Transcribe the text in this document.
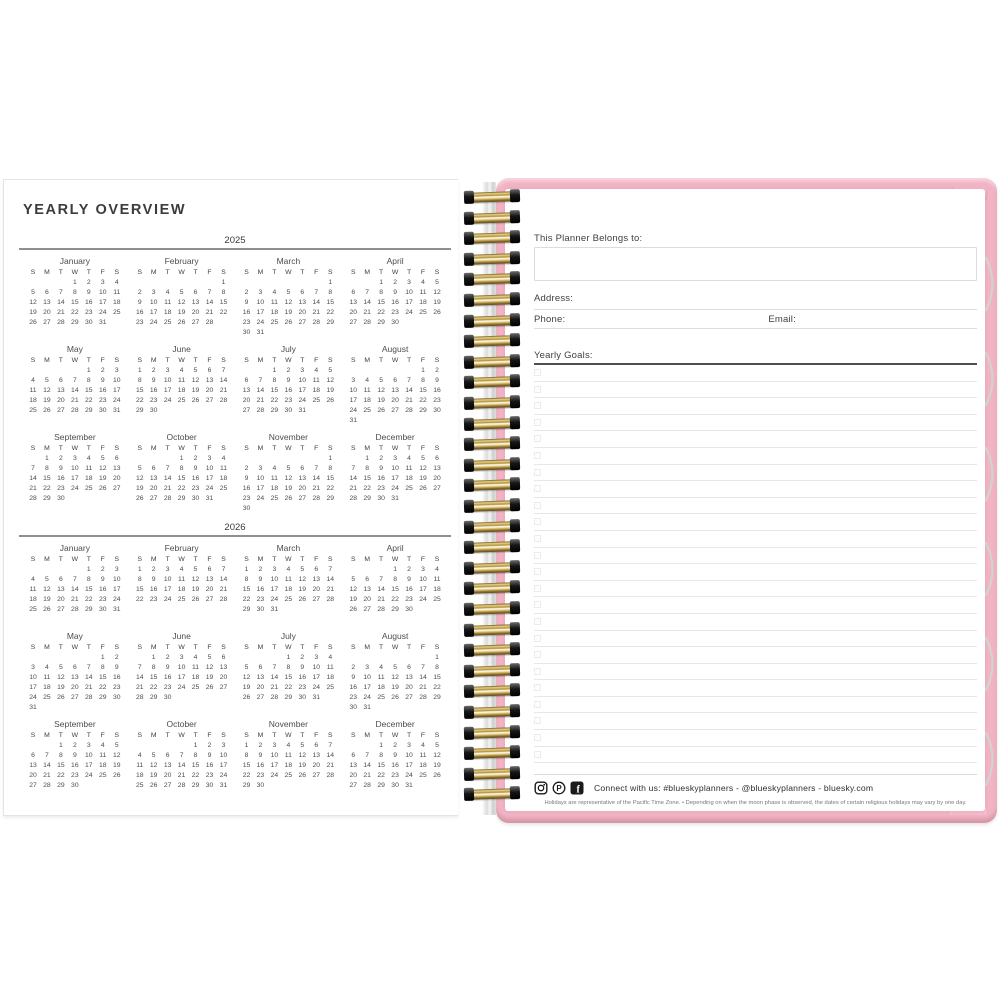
YEARLY OVERVIEW
2025
January
S	M	T	W	T	F	S
			1	2	3	4
5	6	7	8	9	10	11
12	13	14	15	16	17	18
19	20	21	22	23	24	25
26	27	28	29	30	31	
February
S	M	T	W	T	F	S
						1
2	3	4	5	6	7	8
9	10	11	12	13	14	15
16	17	18	19	20	21	22
23	24	25	26	27	28	
March
S	M	T	W	T	F	S
						1
2	3	4	5	6	7	8
9	10	11	12	13	14	15
16	17	18	19	20	21	22
23	24	25	26	27	28	29
30	31					
April
S	M	T	W	T	F	S
		1	2	3	4	5
6	7	8	9	10	11	12
13	14	15	16	17	18	19
20	21	22	23	24	25	26
27	28	29	30			
May
S	M	T	W	T	F	S
				1	2	3
4	5	6	7	8	9	10
11	12	13	14	15	16	17
18	19	20	21	22	23	24
25	26	27	28	29	30	31
June
S	M	T	W	T	F	S
1	2	3	4	5	6	7
8	9	10	11	12	13	14
15	16	17	18	19	20	21
22	23	24	25	26	27	28
29	30					
July
S	M	T	W	T	F	S
		1	2	3	4	5
6	7	8	9	10	11	12
13	14	15	16	17	18	19
20	21	22	23	24	25	26
27	28	29	30	31		
August
S	M	T	W	T	F	S
					1	2
3	4	5	6	7	8	9
10	11	12	13	14	15	16
17	18	19	20	21	22	23
24	25	26	27	28	29	30
31						
September
S	M	T	W	T	F	S
	1	2	3	4	5	6
7	8	9	10	11	12	13
14	15	16	17	18	19	20
21	22	23	24	25	26	27
28	29	30				
October
S	M	T	W	T	F	S
			1	2	3	4
5	6	7	8	9	10	11
12	13	14	15	16	17	18
19	20	21	22	23	24	25
26	27	28	29	30	31	
November
S	M	T	W	T	F	S
						1
2	3	4	5	6	7	8
9	10	11	12	13	14	15
16	17	18	19	20	21	22
23	24	25	26	27	28	29
30						
December
S	M	T	W	T	F	S
	1	2	3	4	5	6
7	8	9	10	11	12	13
14	15	16	17	18	19	20
21	22	23	24	25	26	27
28	29	30	31			
2026
January
S	M	T	W	T	F	S
				1	2	3
4	5	6	7	8	9	10
11	12	13	14	15	16	17
18	19	20	21	22	23	24
25	26	27	28	29	30	31
February
S	M	T	W	T	F	S
1	2	3	4	5	6	7
8	9	10	11	12	13	14
15	16	17	18	19	20	21
22	23	24	25	26	27	28
March
S	M	T	W	T	F	S
1	2	3	4	5	6	7
8	9	10	11	12	13	14
15	16	17	18	19	20	21
22	23	24	25	26	27	28
29	30	31				
April
S	M	T	W	T	F	S
			1	2	3	4
5	6	7	8	9	10	11
12	13	14	15	16	17	18
19	20	21	22	23	24	25
26	27	28	29	30		
May
S	M	T	W	T	F	S
					1	2
3	4	5	6	7	8	9
10	11	12	13	14	15	16
17	18	19	20	21	22	23
24	25	26	27	28	29	30
31						
June
S	M	T	W	T	F	S
	1	2	3	4	5	6
7	8	9	10	11	12	13
14	15	16	17	18	19	20
21	22	23	24	25	26	27
28	29	30				
July
S	M	T	W	T	F	S
			1	2	3	4
5	6	7	8	9	10	11
12	13	14	15	16	17	18
19	20	21	22	23	24	25
26	27	28	29	30	31	
August
S	M	T	W	T	F	S
						1
2	3	4	5	6	7	8
9	10	11	12	13	14	15
16	17	18	19	20	21	22
23	24	25	26	27	28	29
30	31					
September
S	M	T	W	T	F	S
		1	2	3	4	5
6	7	8	9	10	11	12
13	14	15	16	17	18	19
20	21	22	23	24	25	26
27	28	29	30			
October
S	M	T	W	T	F	S
				1	2	3
4	5	6	7	8	9	10
11	12	13	14	15	16	17
18	19	20	21	22	23	24
25	26	27	28	29	30	31
November
S	M	T	W	T	F	S
1	2	3	4	5	6	7
8	9	10	11	12	13	14
15	16	17	18	19	20	21
22	23	24	25	26	27	28
29	30					
December
S	M	T	W	T	F	S
		1	2	3	4	5
6	7	8	9	10	11	12
13	14	15	16	17	18	19
20	21	22	23	24	25	26
27	28	29	30	31		
This Planner Belongs to:
Address:
Phone:	Email:
Yearly Goals:
P f Connect with us: #blueskyplanners - @blueskyplanners - bluesky.com
Holidays are representative of the Pacific Time Zone. • Depending on when the moon phase is observed, the dates of certain religious holidays may vary by one day.
